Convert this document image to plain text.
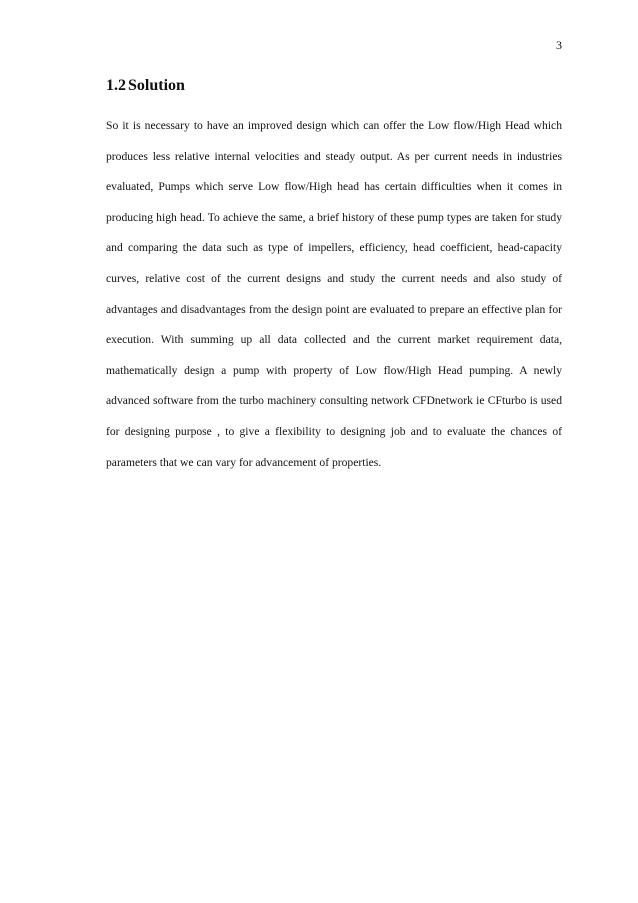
3
1.2 Solution

So it is necessary to have an improved design which can offer the Low flow/High Head which produces less relative internal velocities and steady output. As per current needs in industries evaluated, Pumps which serve Low flow/High head has certain difficulties when it comes in producing high head. To achieve the same, a brief history of these pump types are taken for study and comparing the data such as type of impellers, efficiency, head coefficient, head-capacity curves, relative cost of the current designs and study the current needs and also study of advantages and disadvantages from the design point are evaluated to prepare an effective plan for execution. With summing up all data collected and the current market requirement data, mathematically design a pump with property of Low flow/High Head pumping. A newly advanced software from the turbo machinery consulting network CFDnetwork ie CFturbo is used for designing purpose , to give a flexibility to designing job and to evaluate the chances of parameters that we can vary for advancement of properties.
